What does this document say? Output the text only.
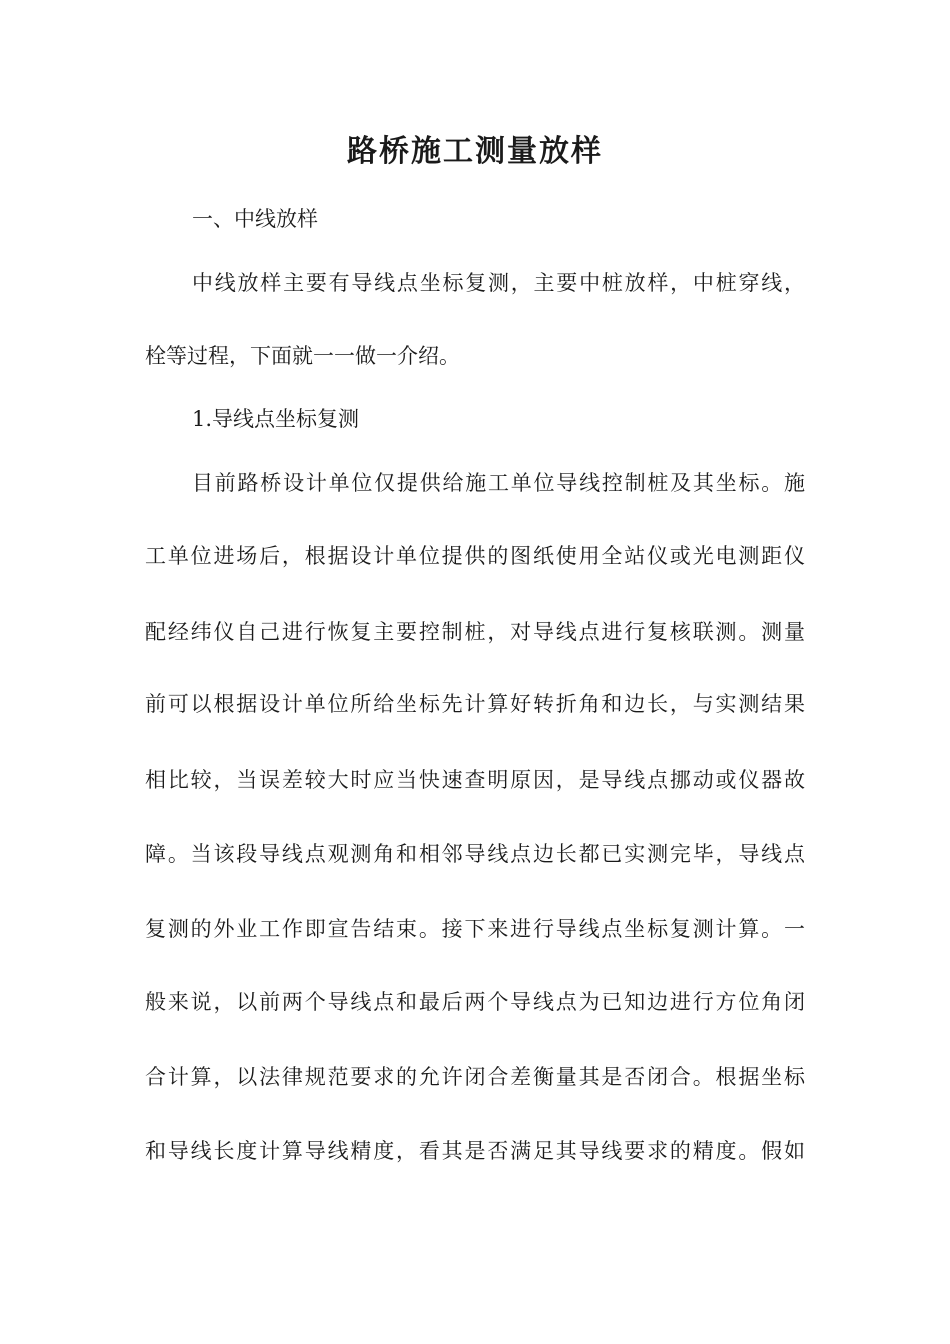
路桥施工测量放样
一、中线放样
中线放样主要有导线点坐标复测，主要中桩放样，中桩穿线，
栓等过程，下面就一一做一介绍。
1.导线点坐标复测
目前路桥设计单位仅提供给施工单位导线控制桩及其坐标。施
工单位进场后，根据设计单位提供的图纸使用全站仪或光电测距仪
配经纬仪自己进行恢复主要控制桩，对导线点进行复核联测。测量
前可以根据设计单位所给坐标先计算好转折角和边长，与实测结果
相比较，当误差较大时应当快速查明原因，是导线点挪动或仪器故
障。当该段导线点观测角和相邻导线点边长都已实测完毕，导线点
复测的外业工作即宣告结束。接下来进行导线点坐标复测计算。一
般来说，以前两个导线点和最后两个导线点为已知边进行方位角闭
合计算，以法律规范要求的允许闭合差衡量其是否闭合。根据坐标
和导线长度计算导线精度，看其是否满足其导线要求的精度。假如
